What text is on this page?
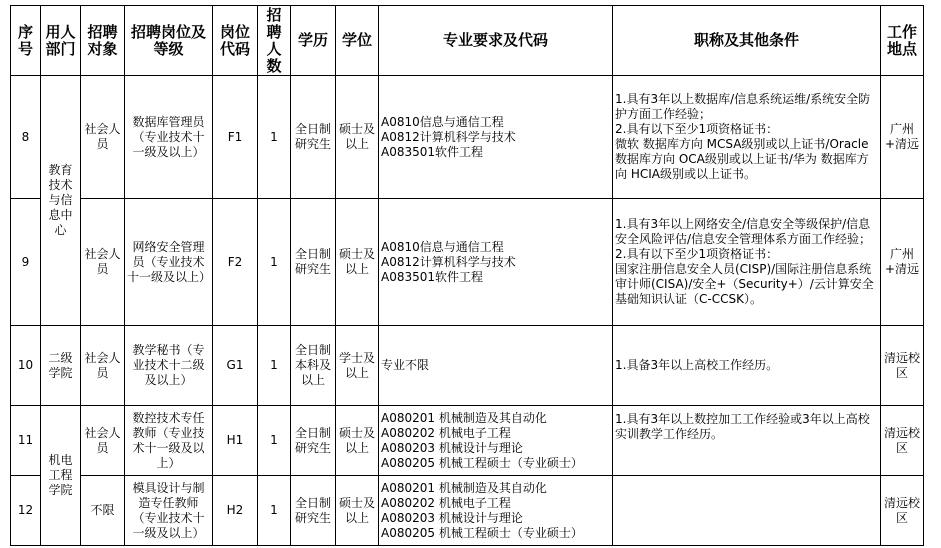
序号	用人部门	招聘对象	招聘岗位及等级	岗位代码	招聘人数	学历	学位	专业要求及代码	职称及其他条件	工作地点
8	教育技术与信息中心	社会人员	数据库管理员（专业技术十一级及以上）	F1	1	全日制研究生	硕士及以上	A0810信息与通信工程
A0812计算机科学与技术
A083501软件工程	1.具有3年以上数据库/信息系统运维/系统安全防护方面工作经验；
2.具有以下至少1项资格证书：
微软 数据库方向 MCSA级别或以上证书/Oracle数据库方向 OCA级别或以上证书/华为 数据库方向 HCIA级别或以上证书。	广州+清远
9		社会人员	网络安全管理员（专业技术十一级及以上）	F2	1	全日制研究生	硕士及以上	A0810信息与通信工程
A0812计算机科学与技术
A083501软件工程	1.具有3年以上网络安全/信息安全等级保护/信息安全风险评估/信息安全管理体系方面工作经验；
2.具有以下至少1项资格证书：
国家注册信息安全人员(CISP)/国际注册信息系统审计师(CISA)/安全+（Security+）/云计算安全基础知识认证（C-CCSK）。	广州+清远
10	二级学院	社会人员	教学秘书（专业技术十二级及以上）	G1	1	全日制本科及以上	学士及以上	专业不限	1.具备3年以上高校工作经历。	清远校区
11	机电工程学院	社会人员	数控技术专任教师（专业技术十一级及以上）	H1	1	全日制研究生	硕士及以上	A080201 机械制造及其自动化
A080202 机械电子工程
A080203 机械设计与理论
A080205 机械工程硕士（专业硕士）	1.具有3年以上数控加工工作经验或3年以上高校实训教学工作经历。	清远校区
12		不限	模具设计与制造专任教师（专业技术十一级及以上）	H2	1	全日制研究生	硕士及以上	A080201 机械制造及其自动化
A080202 机械电子工程
A080203 机械设计与理论
A080205 机械工程硕士（专业硕士）		清远校区
